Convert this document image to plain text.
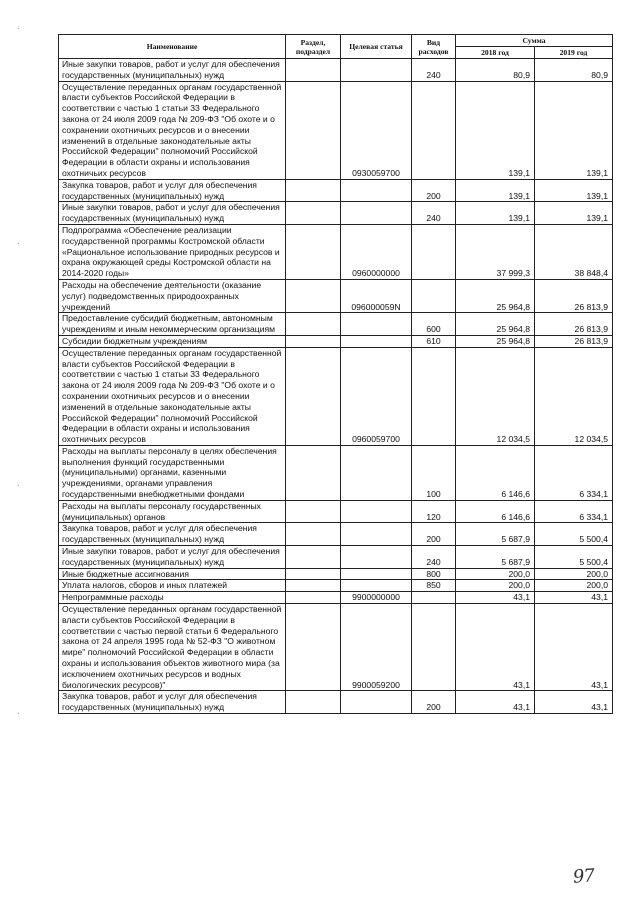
Наименование	Раздел, подраздел	Целевая статья	Вид расходов	Сумма	
				2018 год	2019 год
Иные закупки товаров, работ и услуг для обеспечения государственных (муниципальных) нужд			240	80,9	80,9
Осуществление переданных органам государственной власти субъектов Российской Федерации в соответствии с частью 1 статьи 33 Федерального закона от 24 июля 2009 года № 209-ФЗ "Об охоте и о сохранении охотничьих ресурсов и о внесении изменений в отдельные законодательные акты Российской Федерации" полномочий Российской Федерации в области охраны и использования охотничьих ресурсов		0930059700		139,1	139,1
Закупка товаров, работ и услуг для обеспечения государственных (муниципальных) нужд			200	139,1	139,1
Иные закупки товаров, работ и услуг для обеспечения государственных (муниципальных) нужд			240	139,1	139,1
Подпрограмма «Обеспечение реализации государственной программы Костромской области «Рациональное использование природных ресурсов и охрана окружающей среды Костромской области на 2014-2020 годы»		0960000000		37 999,3	38 848,4
Расходы на обеспечение деятельности (оказание услуг) подведомственных природоохранных учреждений		096000059N		25 964,8	26 813,9
Предоставление субсидий бюджетным, автономным учреждениям и иным некоммерческим организациям			600	25 964,8	26 813,9
Субсидии бюджетным учреждениям			610	25 964,8	26 813,9
Осуществление переданных органам государственной власти субъектов Российской Федерации в соответствии с частью 1 статьи 33 Федерального закона от 24 июля 2009 года № 209-ФЗ "Об охоте и о сохранении охотничьих ресурсов и о внесении изменений в отдельные законодательные акты Российской Федерации" полномочий Российской Федерации в области охраны и использования охотничьих ресурсов		0960059700		12 034,5	12 034,5
Расходы на выплаты персоналу в целях обеспечения выполнения функций государственными (муниципальными) органами, казенными учреждениями, органами управления государственными внебюджетными фондами			100	6 146,6	6 334,1
Расходы на выплаты персоналу государственных (муниципальных) органов			120	6 146,6	6 334,1
Закупка товаров, работ и услуг для обеспечения государственных (муниципальных) нужд			200	5 687,9	5 500,4
Иные закупки товаров, работ и услуг для обеспечения государственных (муниципальных) нужд			240	5 687,9	5 500,4
Иные бюджетные ассигнования			800	200,0	200,0
Уплата налогов, сборов и иных платежей			850	200,0	200,0
Непрограммные расходы		9900000000		43,1	43,1
Осуществление переданных органам государственной власти субъектов Российской Федерации в соответствии с частью первой статьи 6 Федерального закона от 24 апреля 1995 года № 52-ФЗ "О животном мире" полномочий Российской Федерации в области охраны и использования объектов животного мира (за исключением охотничьих ресурсов и водных биологических ресурсов)"		9900059200		43,1	43,1
Закупка товаров, работ и услуг для обеспечения государственных (муниципальных) нужд			200	43,1	43,1
`
`
`
`
97
